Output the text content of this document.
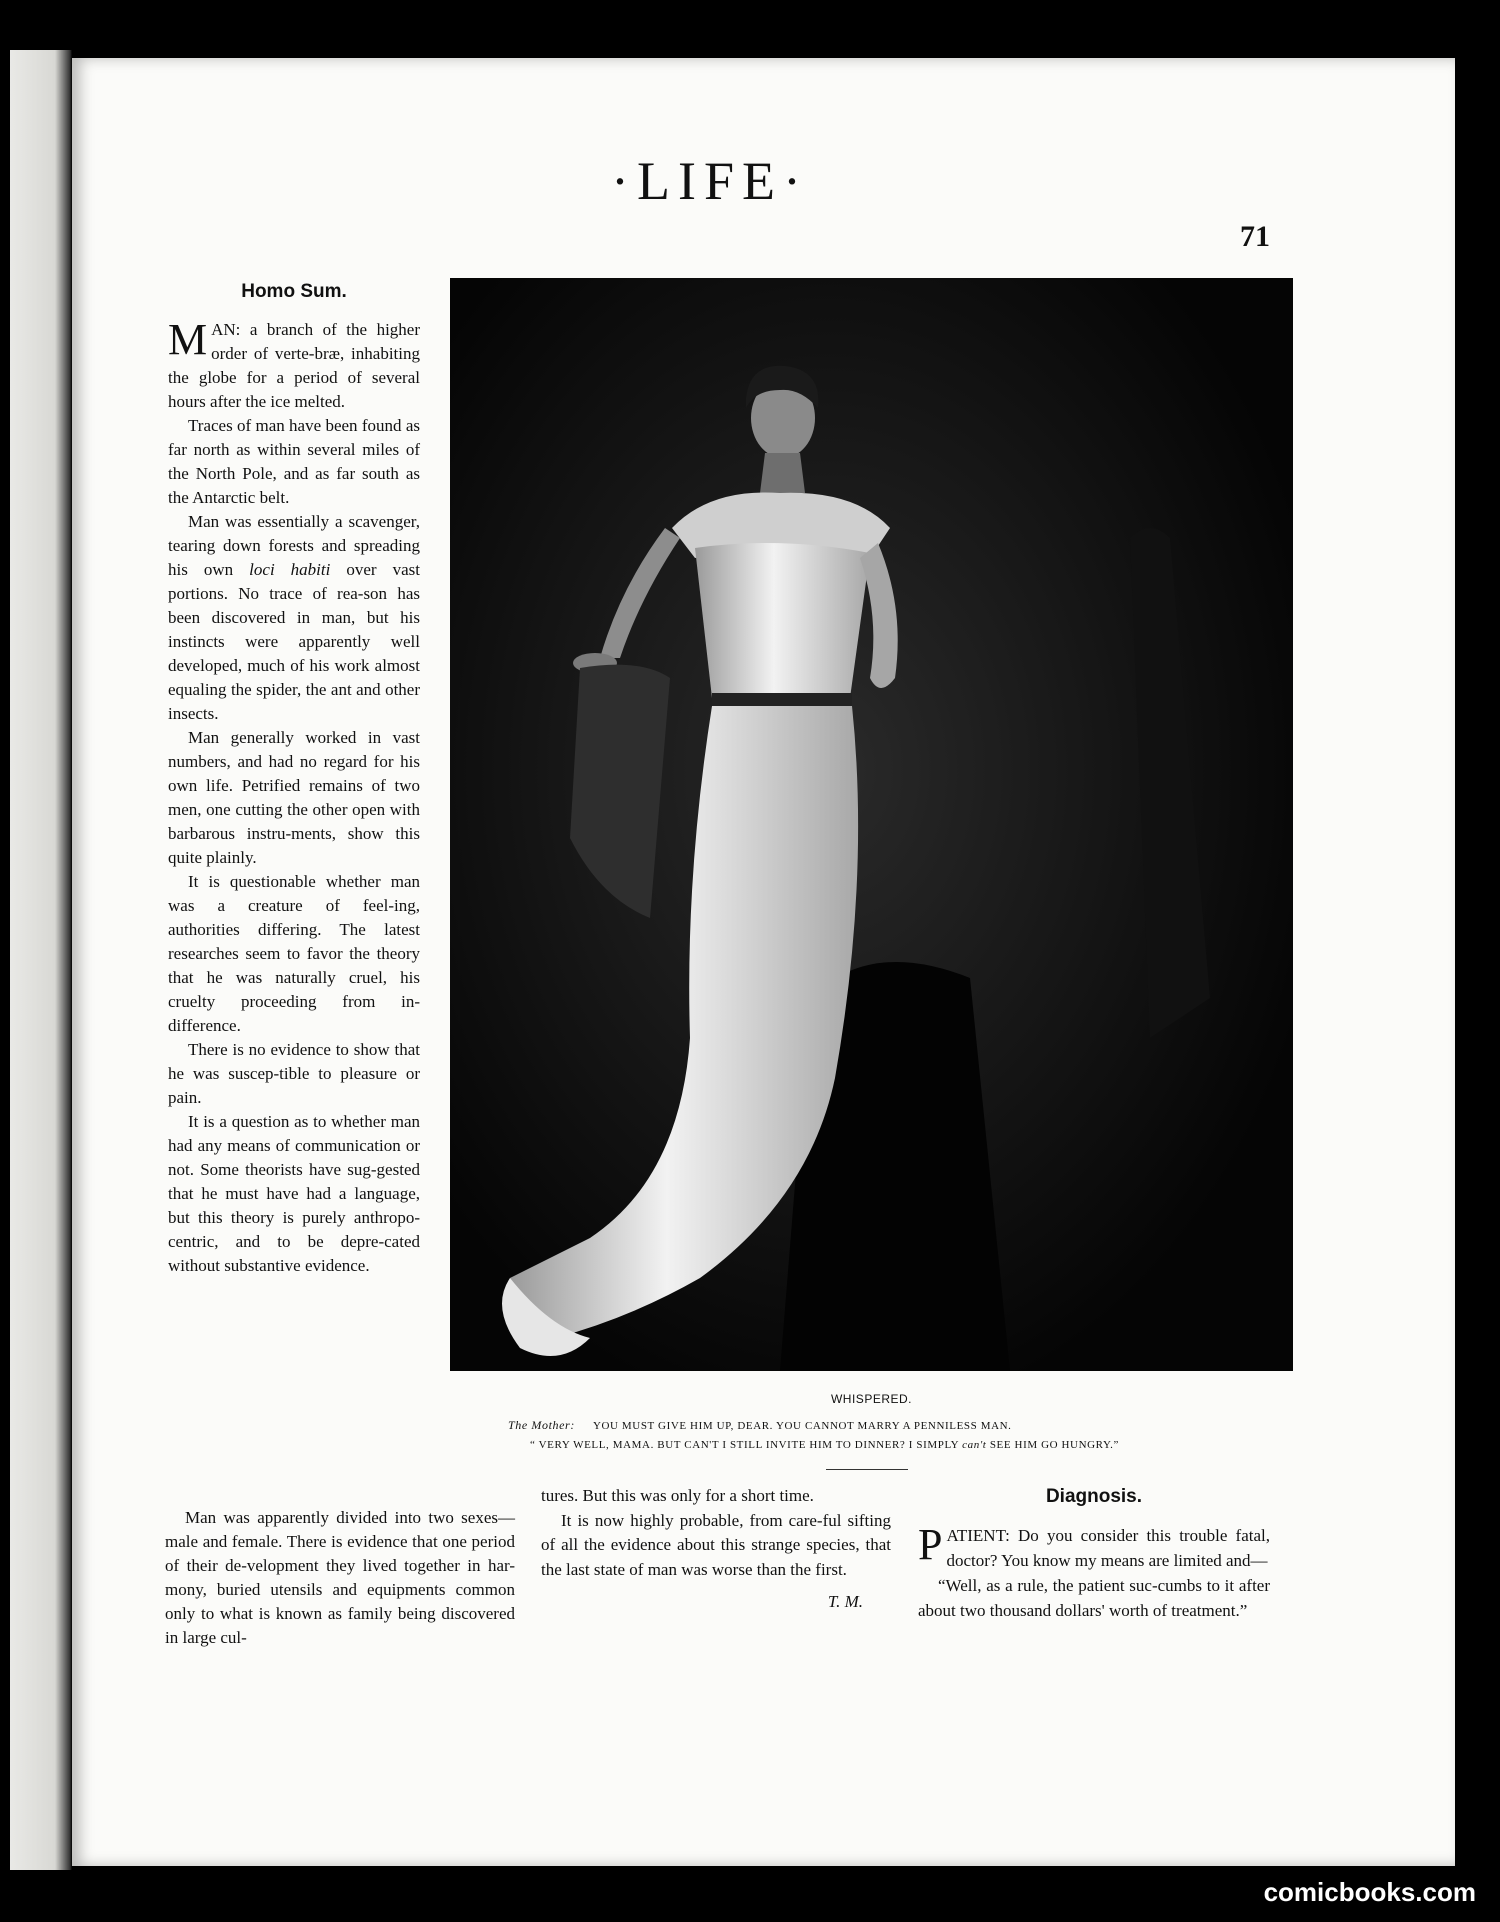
·LIFE·
71
Homo Sum.

MAN: a branch of the higher order of verte-bræ, inhabiting the globe for a period of several hours after the ice melted.

Traces of man have been found as far north as within several miles of the North Pole, and as far south as the Antarctic belt.

Man was essentially a scavenger, tearing down forests and spreading his own loci habiti over vast portions. No trace of rea-son has been discovered in man, but his instincts were apparently well developed, much of his work almost equaling the spider, the ant and other insects.

Man generally worked in vast numbers, and had no regard for his own life. Petrified remains of two men, one cutting the other open with barbarous instru-ments, show this quite plainly.

It is questionable whether man was a creature of feel-ing, authorities differing. The latest researches seem to favor the theory that he was naturally cruel, his cruelty proceeding from in-difference.

There is no evidence to show that he was suscep-tible to pleasure or pain.

It is a question as to whether man had any means of communication or not. Some theorists have sug-gested that he must have had a language, but this theory is purely anthropo-centric, and to be depre-cated without substantive evidence.

Man was apparently divided into two sexes—male and female. There is evidence that one period of their de-velopment they lived together in har-mony, buried utensils and equipments common only to what is known as family being discovered in large cul-

tures. But this was only for a short time.

It is now highly probable, from care-ful sifting of all the evidence about this strange species, that the last state of man was worse than the first.

T. M.

WHISPERED.
The Mother: YOU MUST GIVE HIM UP, DEAR. YOU CANNOT MARRY A PENNILESS MAN.
“ VERY WELL, MAMA. BUT CAN'T I STILL INVITE HIM TO DINNER? I SIMPLY can't SEE HIM GO HUNGRY.”
Diagnosis.

PATIENT: Do you consider this trouble fatal, doctor? You know my means are limited and—

“Well, as a rule, the patient suc-cumbs to it after about two thousand dollars' worth of treatment.”

comicbooks.com
